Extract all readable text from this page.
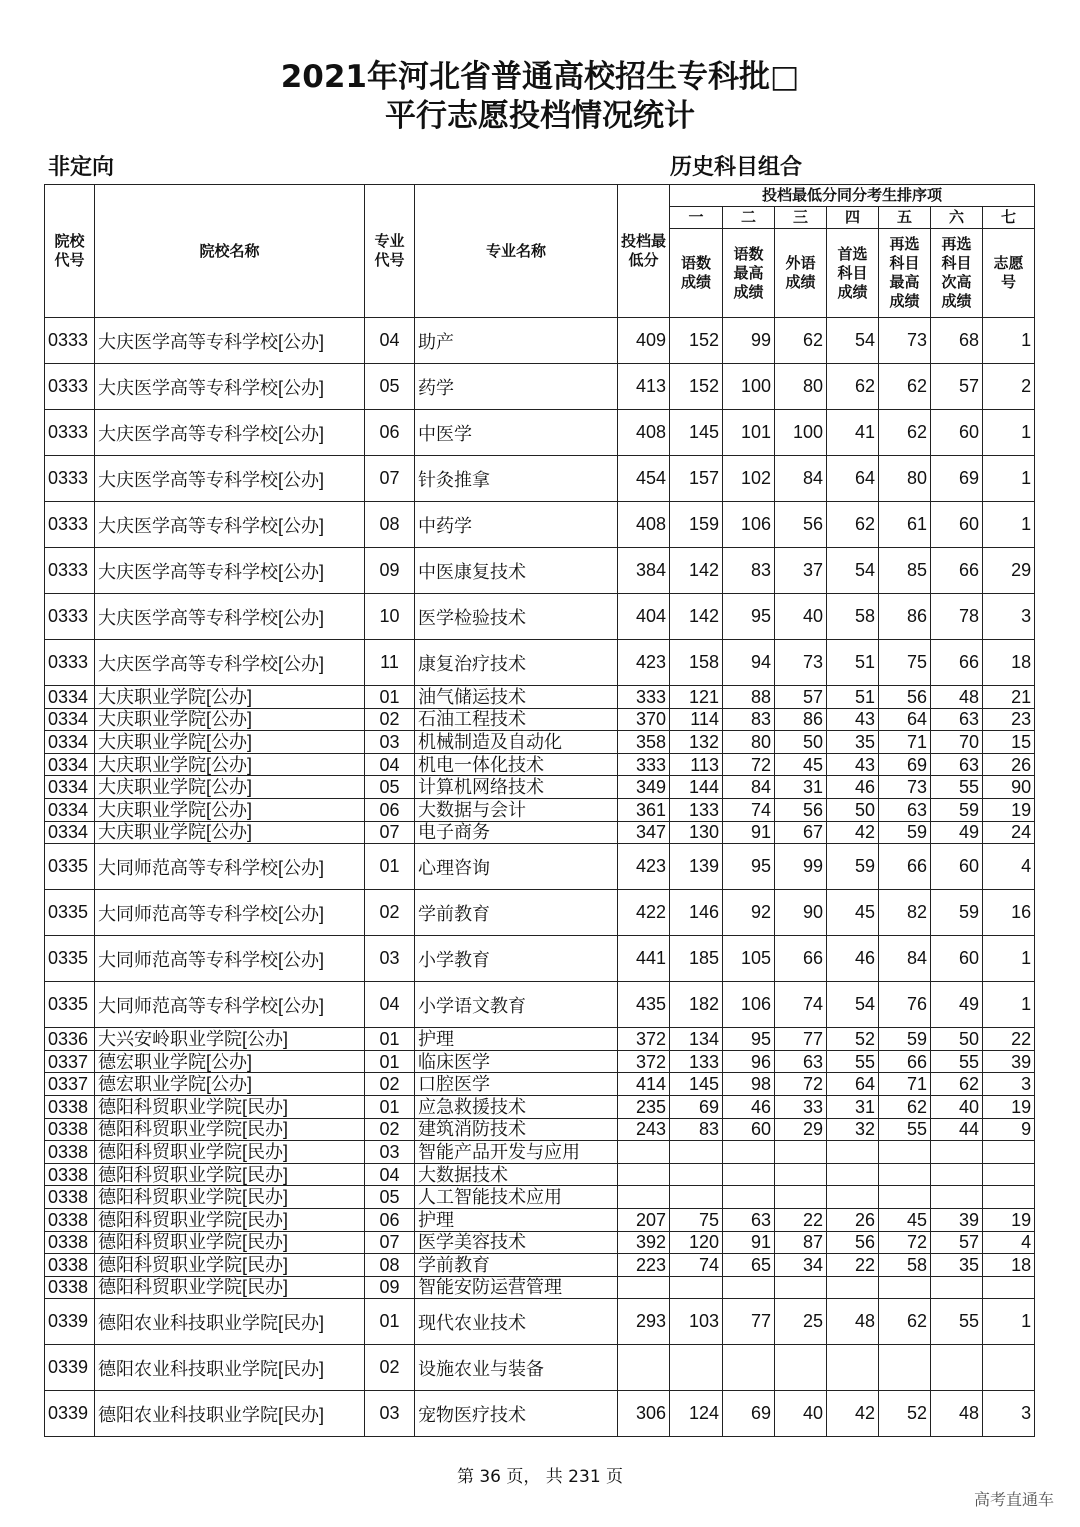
2021年河北省普通高校招生专科批□
平行志愿投档情况统计
非定向	历史科目组合
院校代号	院校名称	专业代号	专业名称	投档最低分	投档最低分同分考生排序项						
					一	二	三	四	五	六	七
					语数成绩	语数最高成绩	外语成绩	首选科目成绩	再选科目最高成绩	再选科目次高成绩	志愿号
0333	大庆医学高等专科学校[公办]	04	助产	409	152	99	62	54	73	68	1
0333	大庆医学高等专科学校[公办]	05	药学	413	152	100	80	62	62	57	2
0333	大庆医学高等专科学校[公办]	06	中医学	408	145	101	100	41	62	60	1
0333	大庆医学高等专科学校[公办]	07	针灸推拿	454	157	102	84	64	80	69	1
0333	大庆医学高等专科学校[公办]	08	中药学	408	159	106	56	62	61	60	1
0333	大庆医学高等专科学校[公办]	09	中医康复技术	384	142	83	37	54	85	66	29
0333	大庆医学高等专科学校[公办]	10	医学检验技术	404	142	95	40	58	86	78	3
0333	大庆医学高等专科学校[公办]	11	康复治疗技术	423	158	94	73	51	75	66	18
0334	大庆职业学院[公办]	01	油气储运技术	333	121	88	57	51	56	48	21
0334	大庆职业学院[公办]	02	石油工程技术	370	114	83	86	43	64	63	23
0334	大庆职业学院[公办]	03	机械制造及自动化	358	132	80	50	35	71	70	15
0334	大庆职业学院[公办]	04	机电一体化技术	333	113	72	45	43	69	63	26
0334	大庆职业学院[公办]	05	计算机网络技术	349	144	84	31	46	73	55	90
0334	大庆职业学院[公办]	06	大数据与会计	361	133	74	56	50	63	59	19
0334	大庆职业学院[公办]	07	电子商务	347	130	91	67	42	59	49	24
0335	大同师范高等专科学校[公办]	01	心理咨询	423	139	95	99	59	66	60	4
0335	大同师范高等专科学校[公办]	02	学前教育	422	146	92	90	45	82	59	16
0335	大同师范高等专科学校[公办]	03	小学教育	441	185	105	66	46	84	60	1
0335	大同师范高等专科学校[公办]	04	小学语文教育	435	182	106	74	54	76	49	1
0336	大兴安岭职业学院[公办]	01	护理	372	134	95	77	52	59	50	22
0337	德宏职业学院[公办]	01	临床医学	372	133	96	63	55	66	55	39
0337	德宏职业学院[公办]	02	口腔医学	414	145	98	72	64	71	62	3
0338	德阳科贸职业学院[民办]	01	应急救援技术	235	69	46	33	31	62	40	19
0338	德阳科贸职业学院[民办]	02	建筑消防技术	243	83	60	29	32	55	44	9
0338	德阳科贸职业学院[民办]	03	智能产品开发与应用								
0338	德阳科贸职业学院[民办]	04	大数据技术								
0338	德阳科贸职业学院[民办]	05	人工智能技术应用								
0338	德阳科贸职业学院[民办]	06	护理	207	75	63	22	26	45	39	19
0338	德阳科贸职业学院[民办]	07	医学美容技术	392	120	91	87	56	72	57	4
0338	德阳科贸职业学院[民办]	08	学前教育	223	74	65	34	22	58	35	18
0338	德阳科贸职业学院[民办]	09	智能安防运营管理								
0339	德阳农业科技职业学院[民办]	01	现代农业技术	293	103	77	25	48	62	55	1
0339	德阳农业科技职业学院[民办]	02	设施农业与装备								
0339	德阳农业科技职业学院[民办]	03	宠物医疗技术	306	124	69	40	42	52	48	3
第 36 页， 共 231 页
高考直通车
